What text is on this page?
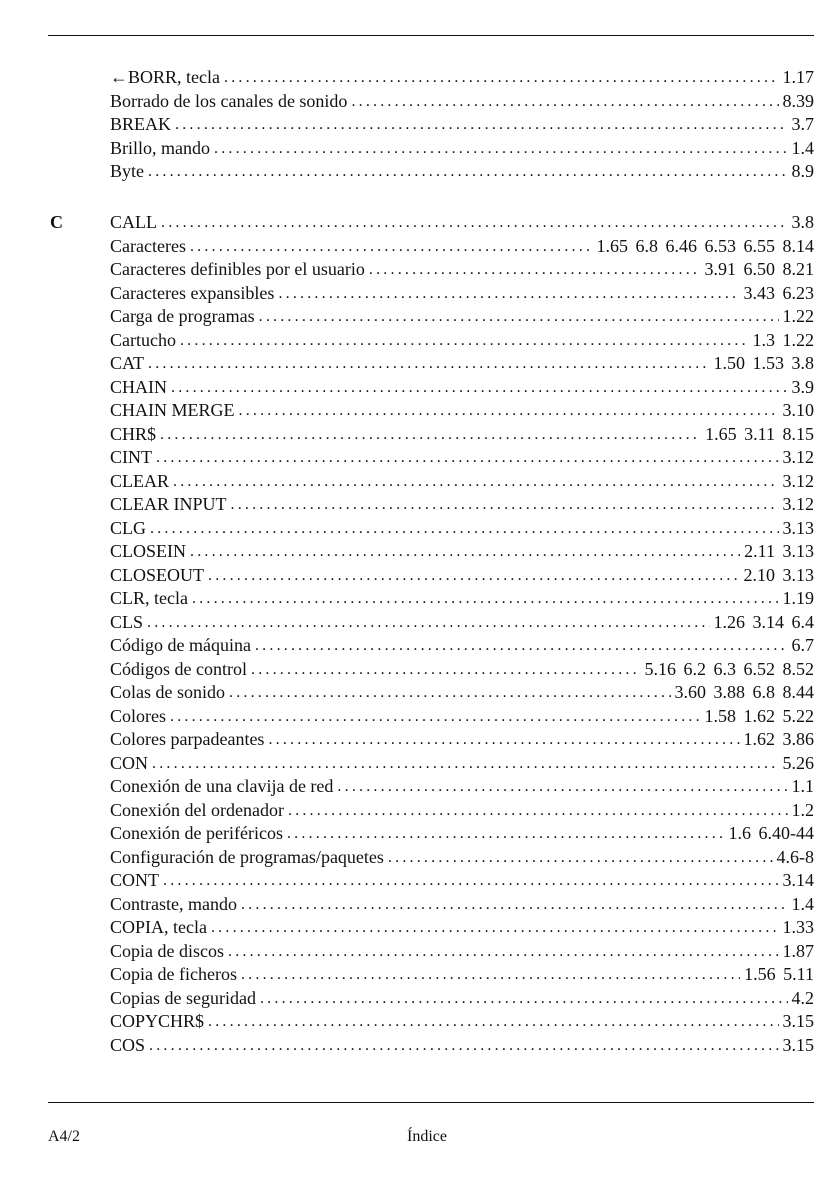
←BORR, tecla .....	1.17
Borrado de los canales de sonido .....	8.39
BREAK .....	3.7
Brillo, mando .....	1.4
Byte .....	8.9
C	CALL .....	3.8
Caracteres .....	1.65 6.8 6.46 6.53 6.55 8.14
Caracteres definibles por el usuario .....	3.91 6.50 8.21
Caracteres expansibles .....	3.43 6.23
Carga de programas .....	1.22
Cartucho .....	1.3 1.22
CAT .....	1.50 1.53 3.8
CHAIN .....	3.9
CHAIN MERGE .....	3.10
CHR$ .....	1.65 3.11 8.15
CINT .....	3.12
CLEAR .....	3.12
CLEAR INPUT .....	3.12
CLG .....	3.13
CLOSEIN .....	2.11 3.13
CLOSEOUT .....	2.10 3.13
CLR, tecla .....	1.19
CLS .....	1.26 3.14 6.4
Código de máquina .....	6.7
Códigos de control .....	5.16 6.2 6.3 6.52 8.52
Colas de sonido .....	3.60 3.88 6.8 8.44
Colores .....	1.58 1.62 5.22
Colores parpadeantes .....	1.62 3.86
CON .....	5.26
Conexión de una clavija de red .....	1.1
Conexión del ordenador .....	1.2
Conexión de periféricos .....	1.6 6.40-44
Configuración de programas/paquetes .....	4.6-8
CONT .....	3.14
Contraste, mando .....	1.4
COPIA, tecla .....	1.33
Copia de discos .....	1.87
Copia de ficheros .....	1.56 5.11
Copias de seguridad .....	4.2
COPYCHR$ .....	3.15
COS .....	3.15
A4/2	Índice
